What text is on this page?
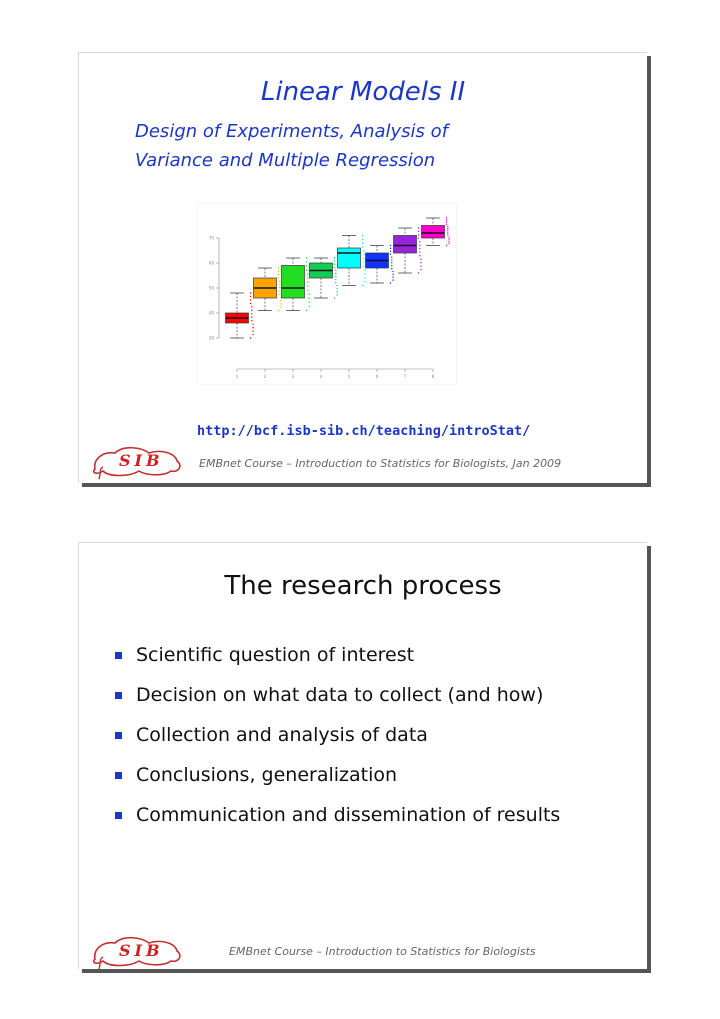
Linear Models II
Design of Experiments, Analysis of
Variance and Multiple Regression
30
40
50
60
70
1	2	3	4	5	6	7	8
http://bcf.isb-sib.ch/teaching/introStat/
SIB	EMBnet Course – Introduction to Statistics for Biologists, Jan 2009
The research process
Scientific question of interest
Decision on what data to collect (and how)
Collection and analysis of data
Conclusions, generalization
Communication and dissemination of results
SIB	EMBnet Course – Introduction to Statistics for Biologists
